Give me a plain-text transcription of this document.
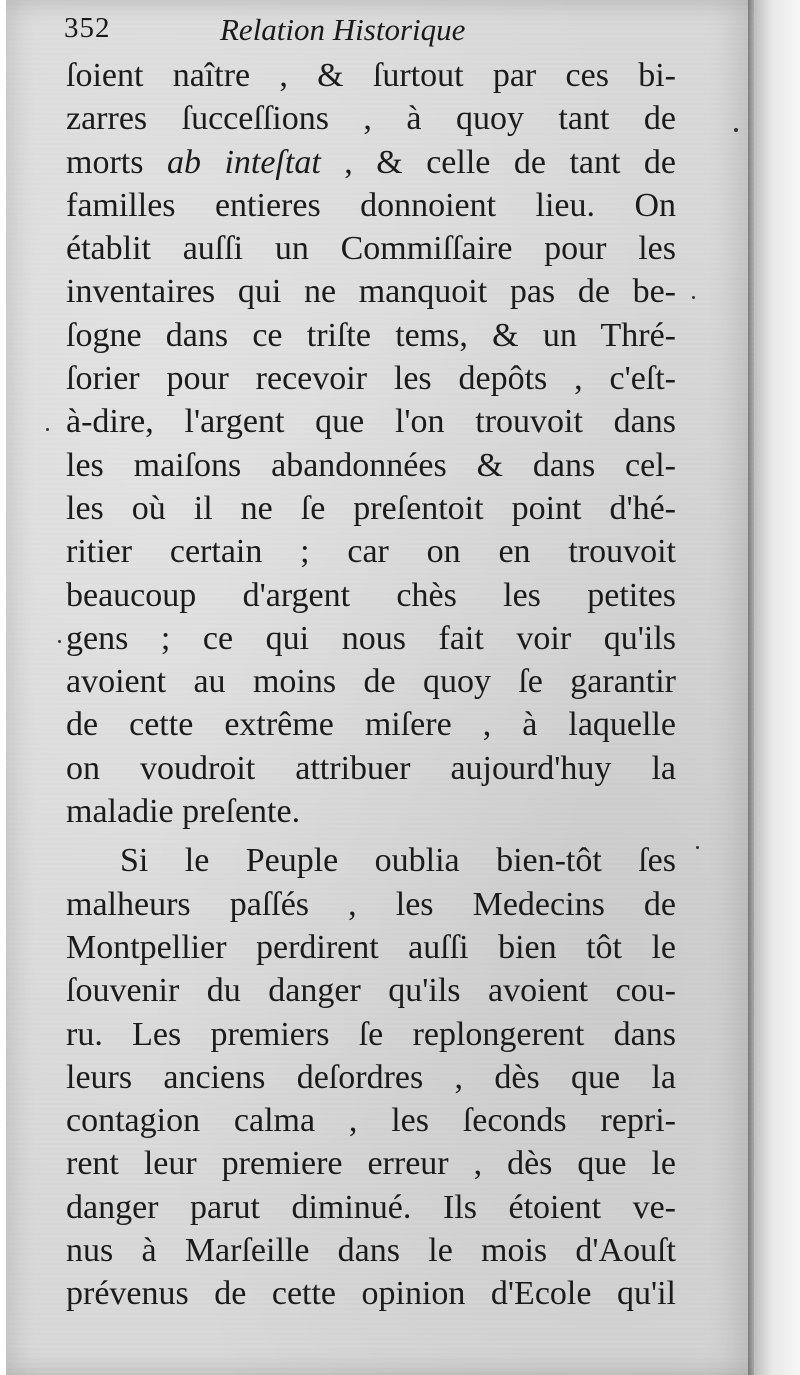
352	Relation Historique
ſoient naître , & ſurtout par ces bi-
zarres ſucceſſions , à quoy tant de
morts ab inteſtat , & celle de tant de
familles entieres donnoient lieu. On
établit auſſi un Commiſſaire pour les
inventaires qui ne manquoit pas de be-
ſogne dans ce triſte tems, & un Thré-
ſorier pour recevoir les depôts , c'eſt-
à-dire, l'argent que l'on trouvoit dans
les maiſons abandonnées & dans cel-
les où il ne ſe preſentoit point d'hé-
ritier certain ; car on en trouvoit
beaucoup d'argent chès les petites
gens ; ce qui nous fait voir qu'ils
avoient au moins de quoy ſe garantir
de cette extrême miſere , à laquelle
on voudroit attribuer aujourd'huy la
maladie preſente.
Si le Peuple oublia bien-tôt ſes
malheurs paſſés , les Medecins de
Montpellier perdirent auſſi bien tôt le
ſouvenir du danger qu'ils avoient cou-
ru. Les premiers ſe replongerent dans
leurs anciens deſordres , dès que la
contagion calma , les ſeconds repri-
rent leur premiere erreur , dès que le
danger parut diminué. Ils étoient ve-
nus à Marſeille dans le mois d'Aouſt
prévenus de cette opinion d'Ecole qu'il
